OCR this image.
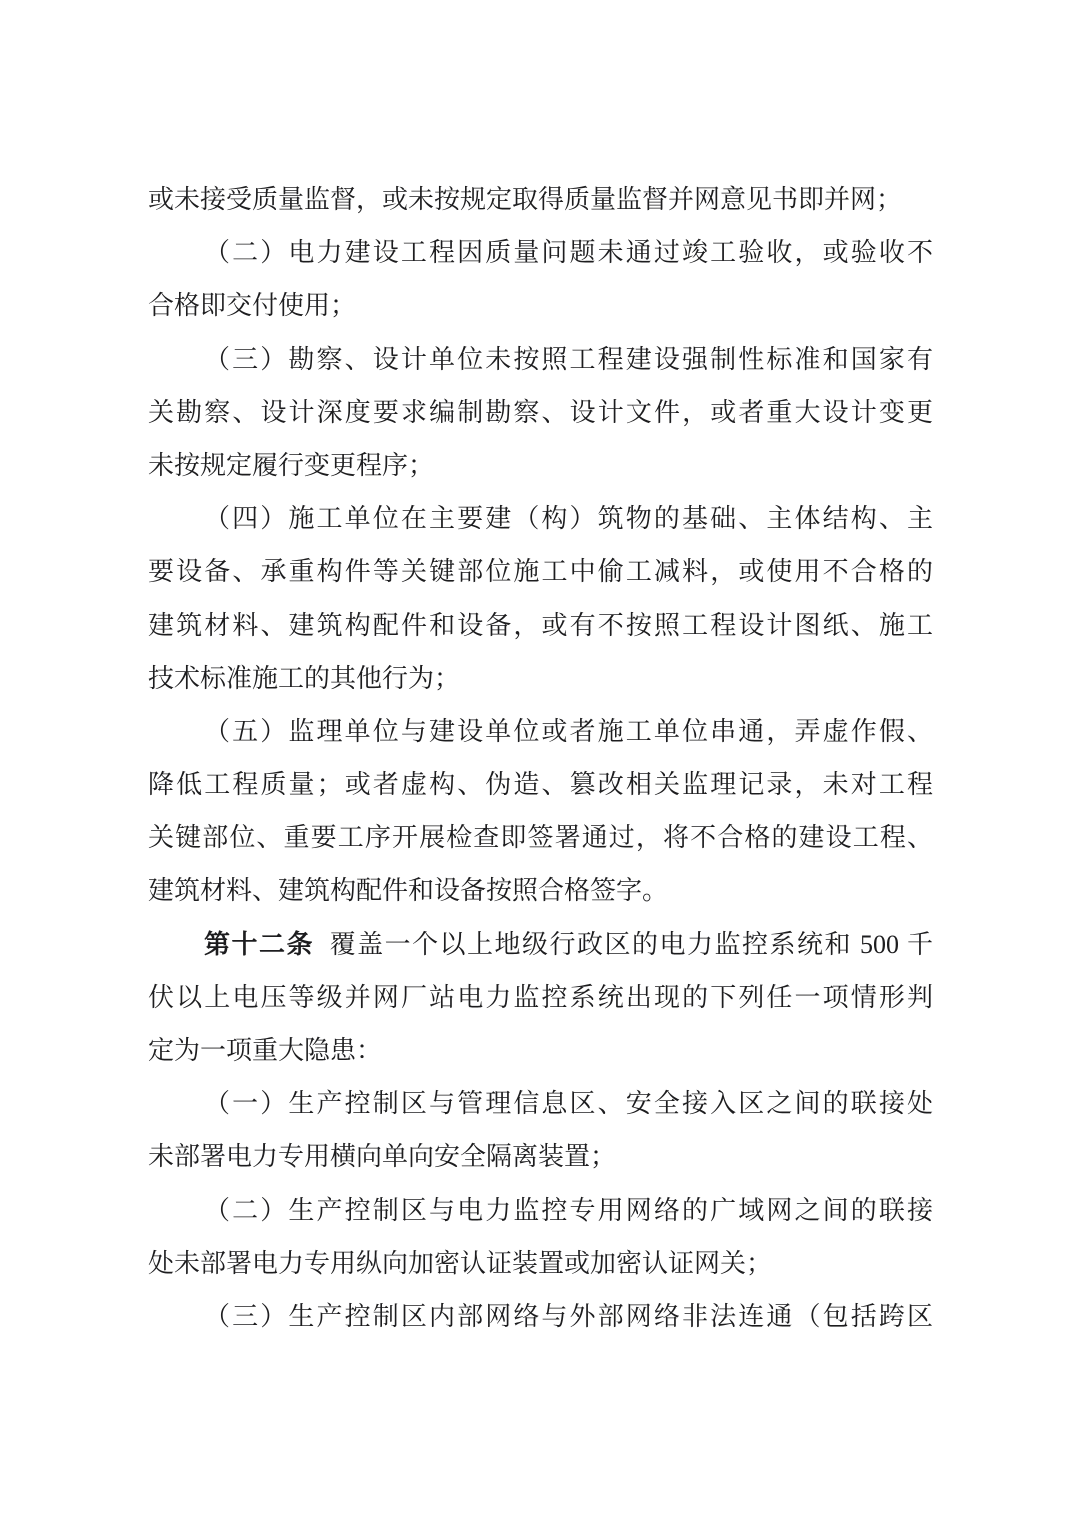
或未接受质量监督，或未按规定取得质量监督并网意见书即并网；
（二）电力建设工程因质量问题未通过竣工验收，或验收不
合格即交付使用；
（三）勘察、设计单位未按照工程建设强制性标准和国家有
关勘察、设计深度要求编制勘察、设计文件，或者重大设计变更
未按规定履行变更程序；
（四）施工单位在主要建（构）筑物的基础、主体结构、主
要设备、承重构件等关键部位施工中偷工减料，或使用不合格的
建筑材料、建筑构配件和设备，或有不按照工程设计图纸、施工
技术标准施工的其他行为；
（五）监理单位与建设单位或者施工单位串通，弄虚作假、
降低工程质量；或者虚构、伪造、篡改相关监理记录，未对工程
关键部位、重要工序开展检查即签署通过，将不合格的建设工程、
建筑材料、建筑构配件和设备按照合格签字。
第十二条 覆盖一个以上地级行政区的电力监控系统和 500 千
伏以上电压等级并网厂站电力监控系统出现的下列任一项情形判
定为一项重大隐患：
（一）生产控制区与管理信息区、安全接入区之间的联接处
未部署电力专用横向单向安全隔离装置；
（二）生产控制区与电力监控专用网络的广域网之间的联接
处未部署电力专用纵向加密认证装置或加密认证网关；
（三）生产控制区内部网络与外部网络非法连通（包括跨区
